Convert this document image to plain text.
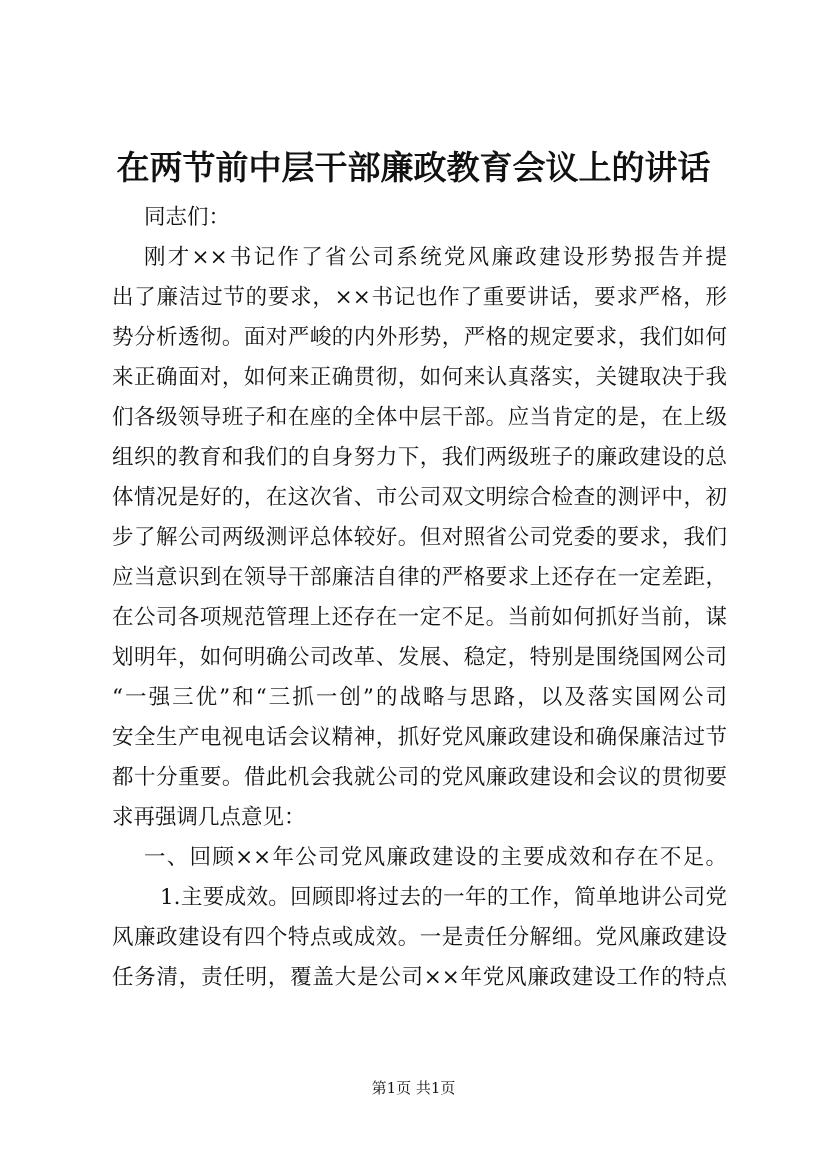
在两节前中层干部廉政教育会议上的讲话
同志们：
刚才××书记作了省公司系统党风廉政建设形势报告并提
出了廉洁过节的要求，××书记也作了重要讲话，要求严格，形
势分析透彻。面对严峻的内外形势，严格的规定要求，我们如何
来正确面对，如何来正确贯彻，如何来认真落实，关键取决于我
们各级领导班子和在座的全体中层干部。应当肯定的是，在上级
组织的教育和我们的自身努力下，我们两级班子的廉政建设的总
体情况是好的，在这次省、市公司双文明综合检查的测评中，初
步了解公司两级测评总体较好。但对照省公司党委的要求，我们
应当意识到在领导干部廉洁自律的严格要求上还存在一定差距，
在公司各项规范管理上还存在一定不足。当前如何抓好当前，谋
划明年，如何明确公司改革、发展、稳定，特别是围绕国网公司
“一强三优”和“三抓一创”的战略与思路，以及落实国网公司
安全生产电视电话会议精神，抓好党风廉政建设和确保廉洁过节
都十分重要。借此机会我就公司的党风廉政建设和会议的贯彻要
求再强调几点意见：
一、回顾××年公司党风廉政建设的主要成效和存在不足。
1.主要成效。回顾即将过去的一年的工作，简单地讲公司党
风廉政建设有四个特点或成效。一是责任分解细。党风廉政建设
任务清，责任明，覆盖大是公司××年党风廉政建设工作的特点
第1页 共1页
